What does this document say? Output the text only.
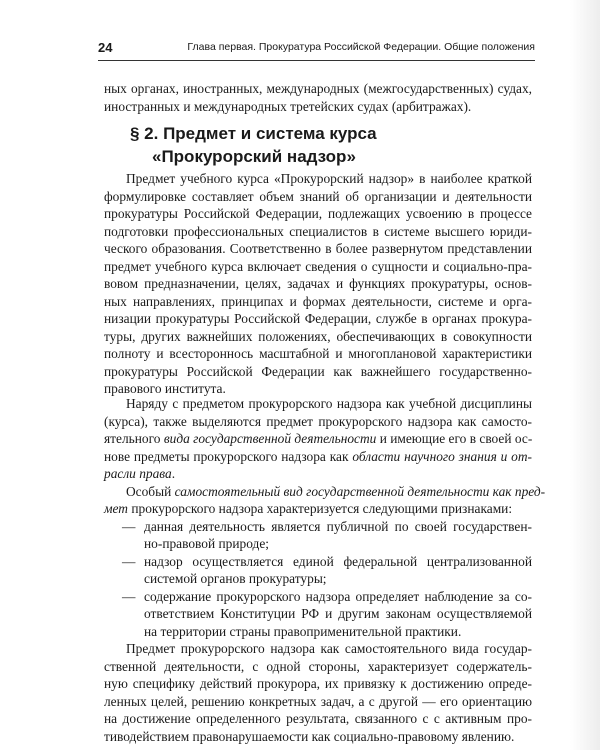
24	Глава первая. Прокуратура Российской Федерации. Общие положения
ных органах, иностранных, международных (межгосударственных) судах,
иностранных и международных третейских судах (арбитражах).
§ 2. Предмет и система курса
«Прокурорский надзор»
Предмет учебного курса «Прокурорский надзор» в наиболее краткой
формулировке составляет объем знаний об организации и деятельности
прокуратуры Российской Федерации, подлежащих усвоению в процессе
подготовки профессиональных специалистов в системе высшего юриди-
ческого образования. Соответственно в более развернутом представлении
предмет учебного курса включает сведения о сущности и социально-пра-
вовом предназначении, целях, задачах и функциях прокуратуры, основ-
ных направлениях, принципах и формах деятельности, системе и орга-
низации прокуратуры Российской Федерации, службе в органах прокура-
туры, других важнейших положениях, обеспечивающих в совокупности
полноту и всестороннось масштабной и многоплановой характеристики
прокуратуры Российской Федерации как важнейшего государственно-
правового института.
Наряду с предметом прокурорского надзора как учебной дисциплины
(курса), также выделяются предмет прокурорского надзора как самосто-
ятельного вида государственной деятельности и имеющие его в своей ос-
нове предметы прокурорского надзора как области научного знания и от-
расли права.
Особый самостоятельный вид государственной деятельности как пред-
мет прокурорского надзора характеризуется следующими признаками:
— данная деятельность является публичной по своей государствен-
но-правовой природе;
— надзор осуществляется единой федеральной централизованной
системой органов прокуратуры;
— содержание прокурорского надзора определяет наблюдение за со-
ответствием Конституции РФ и другим законам осуществляемой
на территории страны правоприменительной практики.
Предмет прокурорского надзора как самостоятельного вида государ-
ственной деятельности, с одной стороны, характеризует содержатель-
ную специфику действий прокурора, их привязку к достижению опреде-
ленных целей, решению конкретных задач, а с другой — его ориентацию
на достижение определенного результата, связанного с с активным про-
тиводействием правонарушаемости как социально-правовому явлению.
